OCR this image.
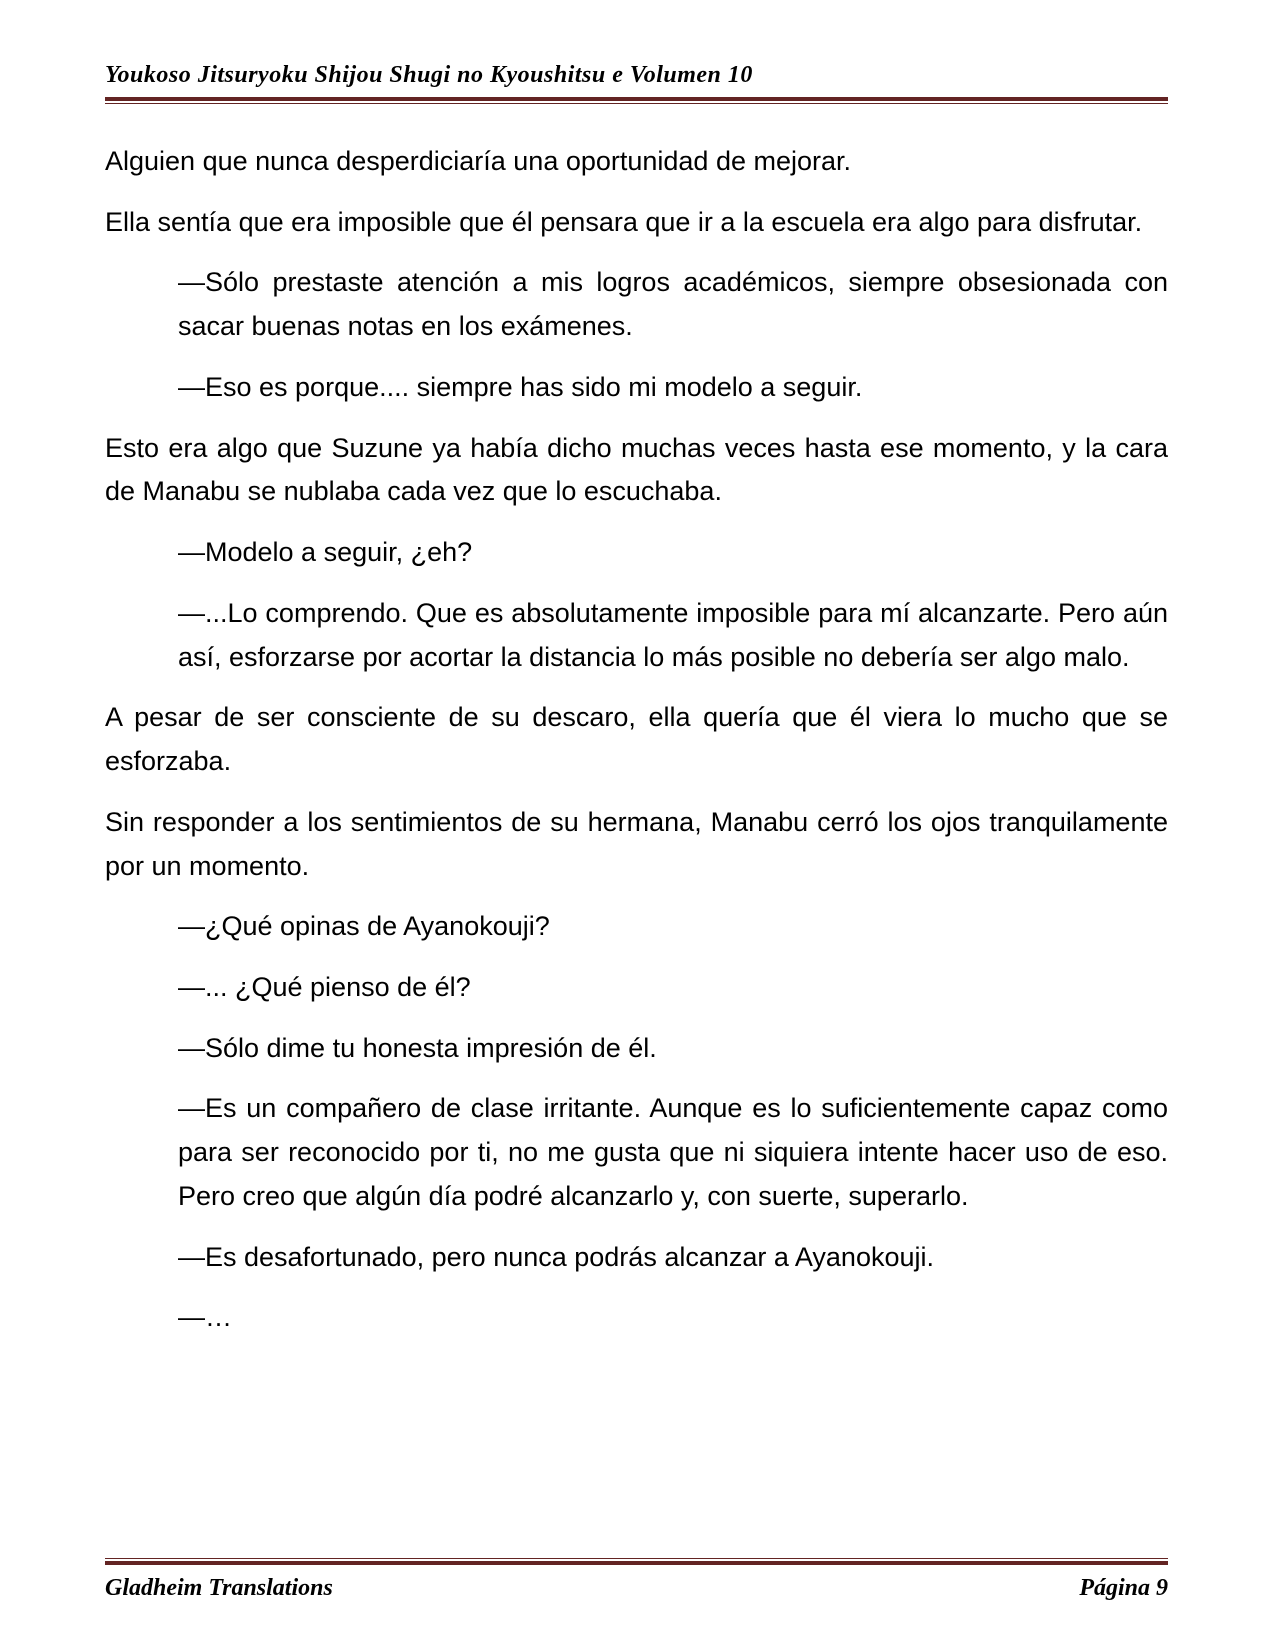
Youkoso Jitsuryoku Shijou Shugi no Kyoushitsu e Volumen 10

Alguien que nunca desperdiciaría una oportunidad de mejorar.

Ella sentía que era imposible que él pensara que ir a la escuela era algo para disfrutar.

—Sólo prestaste atención a mis logros académicos, siempre obsesionada con sacar buenas notas en los exámenes.

—Eso es porque.... siempre has sido mi modelo a seguir.

Esto era algo que Suzune ya había dicho muchas veces hasta ese momento, y la cara de Manabu se nublaba cada vez que lo escuchaba.

—Modelo a seguir, ¿eh?

—...Lo comprendo. Que es absolutamente imposible para mí alcanzarte. Pero aún así, esforzarse por acortar la distancia lo más posible no debería ser algo malo.

A pesar de ser consciente de su descaro, ella quería que él viera lo mucho que se esforzaba.

Sin responder a los sentimientos de su hermana, Manabu cerró los ojos tranquilamente por un momento.

—¿Qué opinas de Ayanokouji?

—... ¿Qué pienso de él?

—Sólo dime tu honesta impresión de él.

—Es un compañero de clase irritante. Aunque es lo suficientemente capaz como para ser reconocido por ti, no me gusta que ni siquiera intente hacer uso de eso. Pero creo que algún día podré alcanzarlo y, con suerte, superarlo.

—Es desafortunado, pero nunca podrás alcanzar a Ayanokouji.

—…

Gladheim Translations	Página 9
